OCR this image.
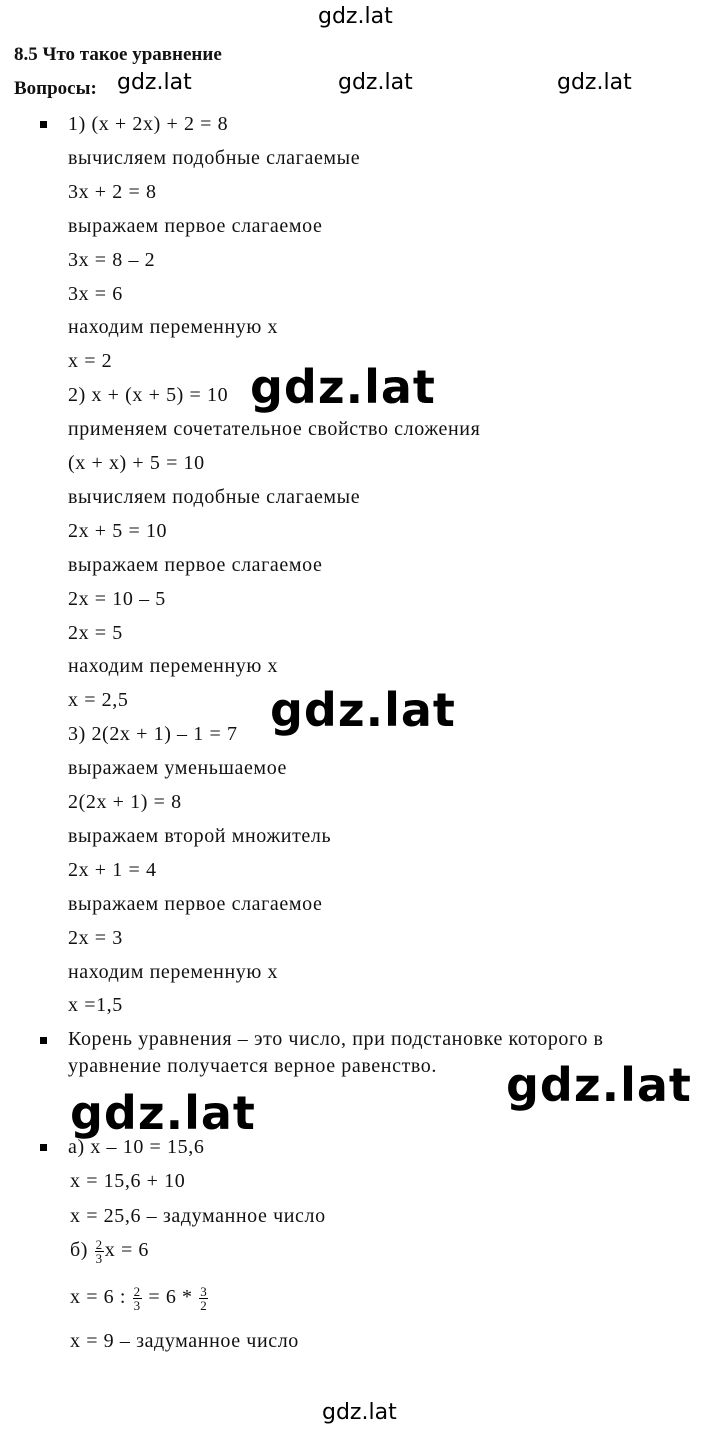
gdz.lat
gdz.lat	gdz.lat	gdz.lat
gdz.lat
gdz.lat
gdz.lat
gdz.lat
gdz.lat
8.5 Что такое уравнение
Вопросы:
1) (x + 2x) + 2 = 8
вычисляем подобные слагаемые
3x + 2 = 8
выражаем первое слагаемое
3x = 8 – 2
3x = 6
находим переменную x
x = 2
2) x + (x + 5) = 10
применяем сочетательное свойство сложения
(x + x) + 5 = 10
вычисляем подобные слагаемые
2x + 5 = 10
выражаем первое слагаемое
2x = 10 – 5
2x = 5
находим переменную x
x = 2,5
3) 2(2x + 1) – 1 = 7
выражаем уменьшаемое
2(2x + 1) = 8
выражаем второй множитель
2x + 1 = 4
выражаем первое слагаемое
2x = 3
находим переменную x
x =1,5
Корень уравнения – это число, при подстановке которого в
уравнение получается верное равенство.
а) x – 10 = 15,6
x = 15,6 + 10
x = 25,6 – задуманное число
$б) \frac{2}{3}$ x = 6
x = 6 : $\frac{2}{3} = 6 * \frac{3}{2}$
x = 9 – задуманное число
